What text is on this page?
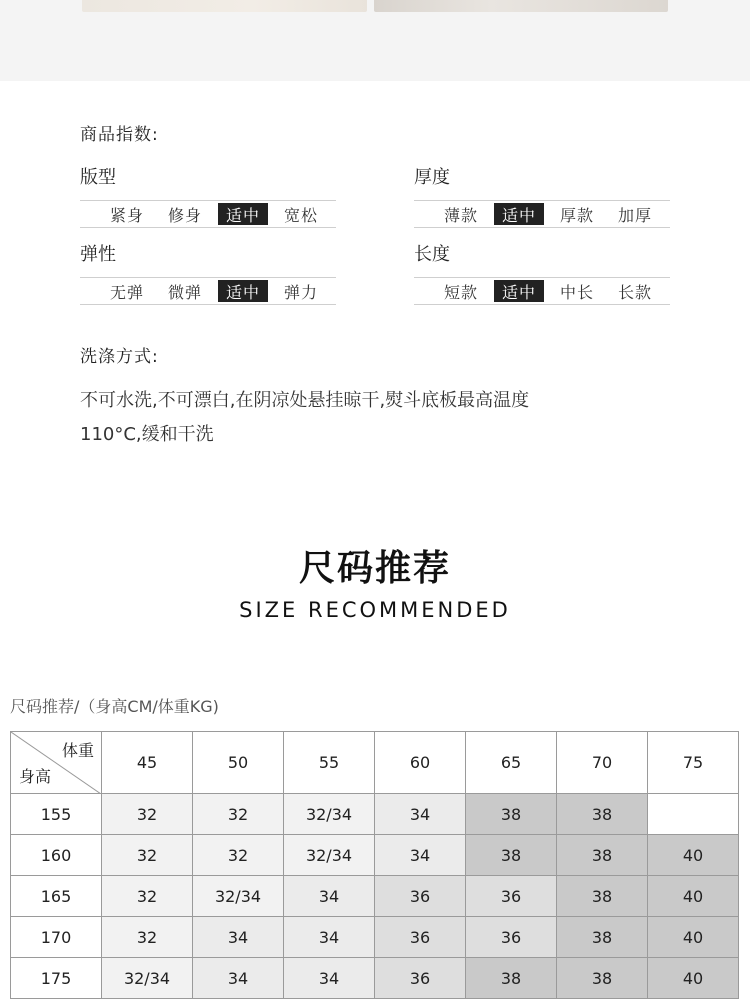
商品指数:
版型
紧身	修身	适中	宽松
厚度
薄款	适中	厚款	加厚
弹性
无弹	微弹	适中	弹力
长度
短款	适中	中长	长款
洗涤方式:
不可水洗,不可漂白,在阴凉处悬挂晾干,熨斗底板最高温度
110°C,缓和干洗
尺码推荐
SIZE RECOMMENDED
尺码推荐/（身高CM/体重KG)
体重
身高	45	50	55	60	65	70	75
155	32	32	32/34	34	38	38	
160	32	32	32/34	34	38	38	40
165	32	32/34	34	36	36	38	40
170	32	34	34	36	36	38	40
175	32/34	34	34	36	38	38	40
